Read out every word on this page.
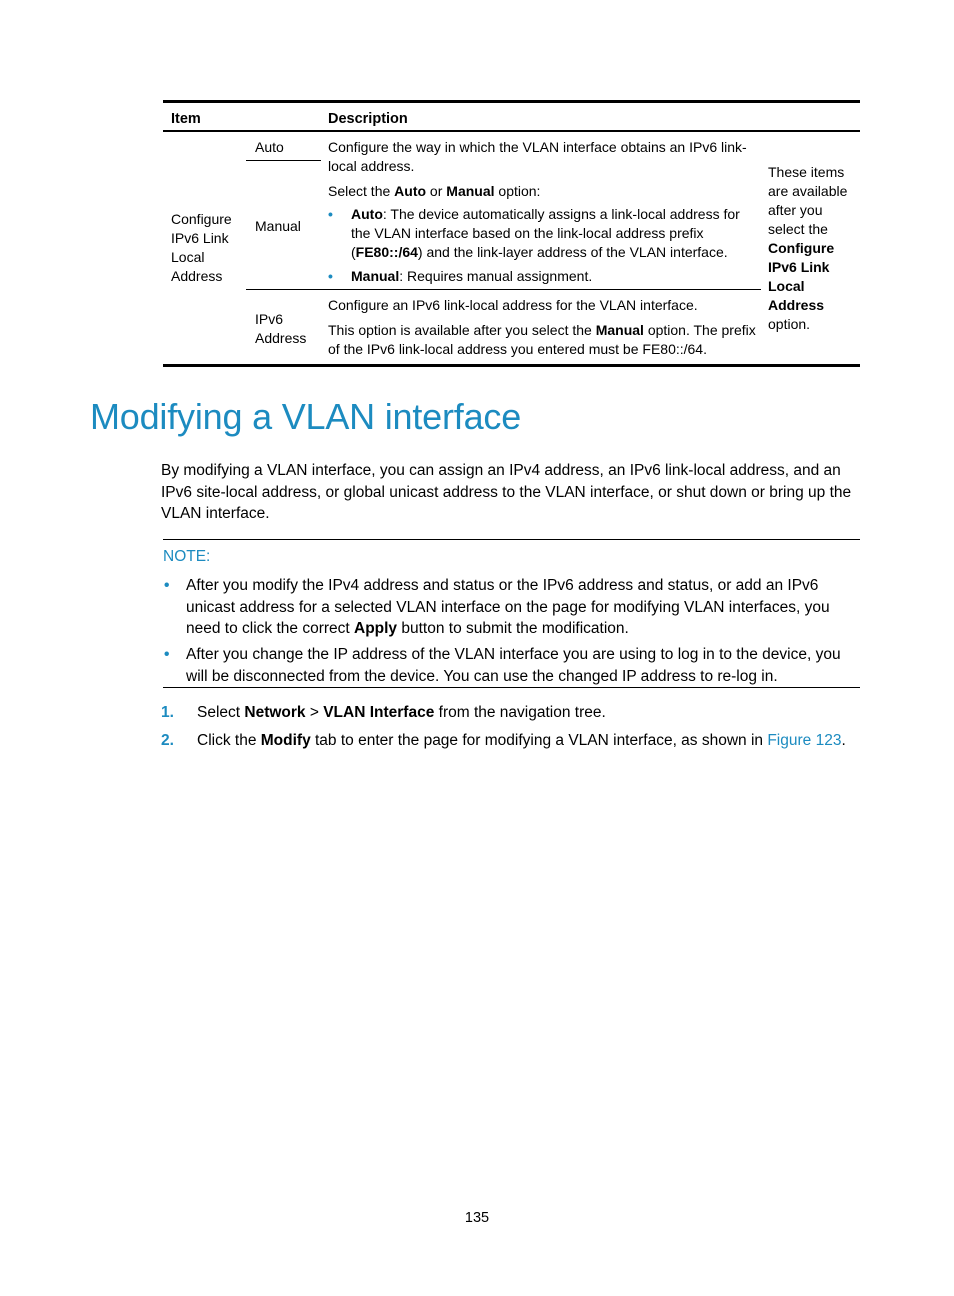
Item	Description
Configure IPv6 Link Local Address
Auto	Configure the way in which the VLAN interface obtains an IPv6 link-local address.
Manual
Select the Auto or Manual option:
• Auto: The device automatically assigns a link-local address for the VLAN interface based on the link-local address prefix (FE80::/64) and the link-layer address of the VLAN interface.
• Manual: Requires manual assignment.
IPv6 Address
Configure an IPv6 link-local address for the VLAN interface.
This option is available after you select the Manual option. The prefix of the IPv6 link-local address you entered must be FE80::/64.
These items are available after you select the Configure IPv6 Link Local Address option.
Modifying a VLAN interface

By modifying a VLAN interface, you can assign an IPv4 address, an IPv6 link-local address, and an IPv6 site-local address, or global unicast address to the VLAN interface, or shut down or bring up the VLAN interface.

NOTE:
• After you modify the IPv4 address and status or the IPv6 address and status, or add an IPv6 unicast address for a selected VLAN interface on the page for modifying VLAN interfaces, you need to click the correct Apply button to submit the modification.
• After you change the IP address of the VLAN interface you are using to log in to the device, you will be disconnected from the device. You can use the changed IP address to re-log in.
1. Select Network > VLAN Interface from the navigation tree.
2. Click the Modify tab to enter the page for modifying a VLAN interface, as shown in Figure 123.
135
